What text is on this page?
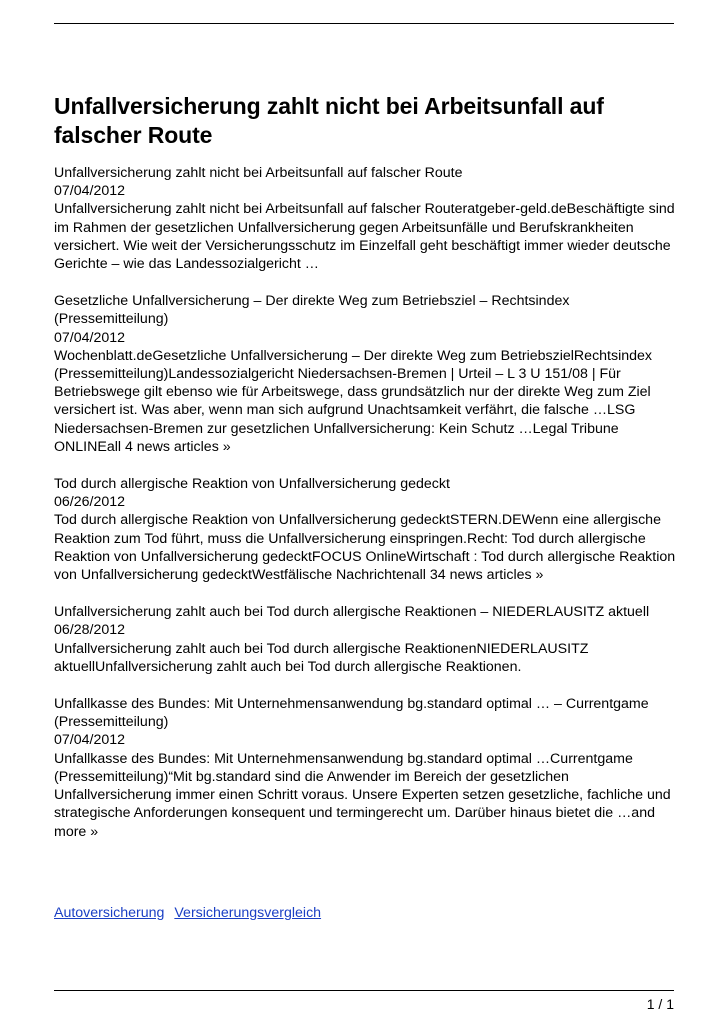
Unfallversicherung zahlt nicht bei Arbeitsunfall auf falscher Route
Unfallversicherung zahlt nicht bei Arbeitsunfall auf falscher Route
07/04/2012
Unfallversicherung zahlt nicht bei Arbeitsunfall auf falscher Routeratgeber-geld.deBeschäftigte sind im Rahmen der gesetzlichen Unfallversicherung gegen Arbeitsunfälle und Berufskrankheiten versichert. Wie weit der Versicherungsschutz im Einzelfall geht beschäftigt immer wieder deutsche Gerichte – wie das Landessozialgericht …
Gesetzliche Unfallversicherung – Der direkte Weg zum Betriebsziel – Rechtsindex (Pressemitteilung)
07/04/2012
Wochenblatt.deGesetzliche Unfallversicherung – Der direkte Weg zum BetriebszielRechtsindex (Pressemitteilung)Landessozialgericht Niedersachsen-Bremen | Urteil – L 3 U 151/08 | Für Betriebswege gilt ebenso wie für Arbeitswege, dass grundsätzlich nur der direkte Weg zum Ziel versichert ist. Was aber, wenn man sich aufgrund Unachtsamkeit verfährt, die falsche …LSG Niedersachsen-Bremen zur gesetzlichen Unfallversicherung: Kein Schutz …Legal Tribune ONLINEall 4 news articles »
Tod durch allergische Reaktion von Unfallversicherung gedeckt
06/26/2012
Tod durch allergische Reaktion von Unfallversicherung gedecktSTERN.DEWenn eine allergische Reaktion zum Tod führt, muss die Unfallversicherung einspringen.Recht: Tod durch allergische Reaktion von Unfallversicherung gedecktFOCUS OnlineWirtschaft : Tod durch allergische Reaktion von Unfallversicherung gedecktWestfälische Nachrichtenall 34 news articles »
Unfallversicherung zahlt auch bei Tod durch allergische Reaktionen – NIEDERLAUSITZ aktuell
06/28/2012
Unfallversicherung zahlt auch bei Tod durch allergische ReaktionenNIEDERLAUSITZ aktuellUnfallversicherung zahlt auch bei Tod durch allergische Reaktionen.
Unfallkasse des Bundes: Mit Unternehmensanwendung bg.standard optimal … – Currentgame (Pressemitteilung)
07/04/2012
Unfallkasse des Bundes: Mit Unternehmensanwendung bg.standard optimal …Currentgame (Pressemitteilung)“Mit bg.standard sind die Anwender im Bereich der gesetzlichen Unfallversicherung immer einen Schritt voraus. Unsere Experten setzen gesetzliche, fachliche und strategische Anforderungen konsequent und termingerecht um. Darüber hinaus bietet die …and more »
Autoversicherung Versicherungsvergleich
1 / 1
